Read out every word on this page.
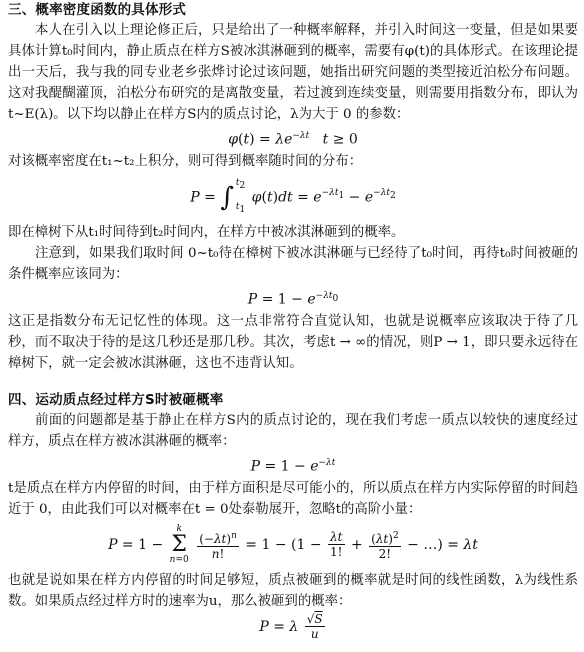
三、概率密度函数的具体形式

本人在引入以上理论修正后，只是给出了一种概率解释，并引入时间这一变量，但是如果要具体计算t₀时间内，静止质点在样方S被冰淇淋砸到的概率，需要有φ(t)的具体形式。在该理论提出一天后，我与我的同专业老乡张烨讨论过该问题，她指出研究问题的类型接近泊松分布问题。这对我醍醐灌顶，泊松分布研究的是离散变量，若过渡到连续变量，则需要用指数分布，即认为t~E(λ)。以下均以静止在样方S内的质点讨论，λ为大于 0 的参数：

$\varphi(t) = \lambda e^{-\lambda t}$ t ≥ 0

对该概率密度在t₁~t₂上积分，则可得到概率随时间的分布：

P = ∫ $t_2$

$t_1$ $\varphi(t)dt = e^{-\lambda t_1} - e^{-\lambda t_2}$

即在樟树下从t₁时间待到t₂时间内，在样方中被冰淇淋砸到的概率。

注意到，如果我们取时间 0~t₀待在樟树下被冰淇淋砸与已经待了t₀时间，再待t₀时间被砸的条件概率应该同为：

$P = 1 - e^{-\lambda t_0}$

这正是指数分布无记忆性的体现。这一点非常符合直觉认知，也就是说概率应该取决于待了几秒，而不取决于待的是这几秒还是那几秒。其次，考虑t → ∞的情况，则P → 1，即只要永远待在樟树下，就一定会被冰淇淋砸，这也不违背认知。

四、运动质点经过样方S时被砸概率

前面的问题都是基于静止在样方S内的质点讨论的，现在我们考虑一质点以较快的速度经过样方，质点在样方被冰淇淋砸的概率：

$P = 1 - e^{-\lambda t}$

t是质点在样方内停留的时间，由于样方面积是尽可能小的，所以质点在样方内实际停留的时间趋近于 0，由此我们可以对概率在t = 0处泰勒展开，忽略t的高阶小量：

P = 1 − k
Σ
$n=0 \frac{(-\lambda t)^n}{n!} = 1 - (1 - \frac{\lambda t}{1!} + \frac{(\lambda t)^2}{2!}$ − …) = λt

也就是说如果在样方内停留的时间足够短，质点被砸到的概率就是时间的线性函数，λ为线性系数。如果质点经过样方时的速率为u，那么被砸到的概率：

P = λ $\frac{√S}{u}$
